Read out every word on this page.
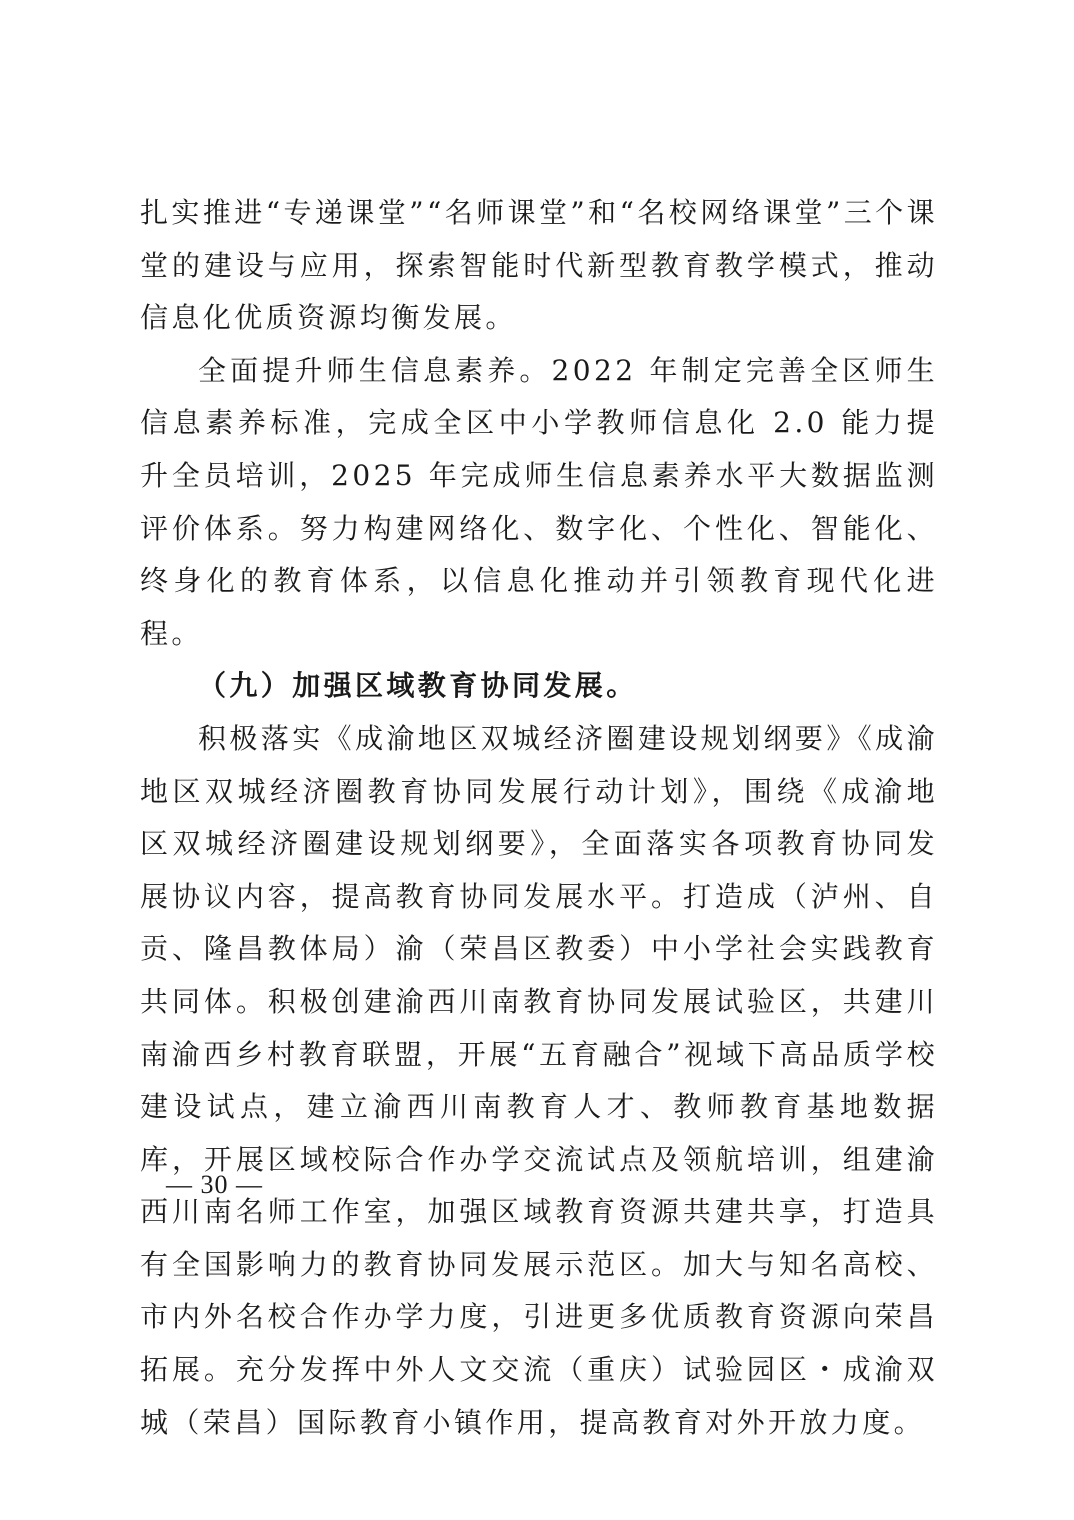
扎实推进“专递课堂”“名师课堂”和“名校网络课堂”三个课堂的建设与应用，探索智能时代新型教育教学模式，推动信息化优质资源均衡发展。

全面提升师生信息素养。2022 年制定完善全区师生信息素养标准，完成全区中小学教师信息化 2.0 能力提升全员培训，2025 年完成师生信息素养水平大数据监测评价体系。努力构建网络化、数字化、个性化、智能化、终身化的教育体系，以信息化推动并引领教育现代化进程。

（九）加强区域教育协同发展。

积极落实《成渝地区双城经济圈建设规划纲要》《成渝地区双城经济圈教育协同发展行动计划》，围绕《成渝地区双城经济圈建设规划纲要》，全面落实各项教育协同发展协议内容，提高教育协同发展水平。打造成（泸州、自贡、隆昌教体局）渝（荣昌区教委）中小学社会实践教育共同体。积极创建渝西川南教育协同发展试验区，共建川南渝西乡村教育联盟，开展“五育融合”视域下高品质学校建设试点，建立渝西川南教育人才、教师教育基地数据库，开展区域校际合作办学交流试点及领航培训，组建渝西川南名师工作室，加强区域教育资源共建共享，打造具有全国影响力的教育协同发展示范区。加大与知名高校、市内外名校合作办学力度，引进更多优质教育资源向荣昌拓展。充分发挥中外人文交流（重庆）试验园区・成渝双城（荣昌）国际教育小镇作用，提高教育对外开放力度。

— 30 —
